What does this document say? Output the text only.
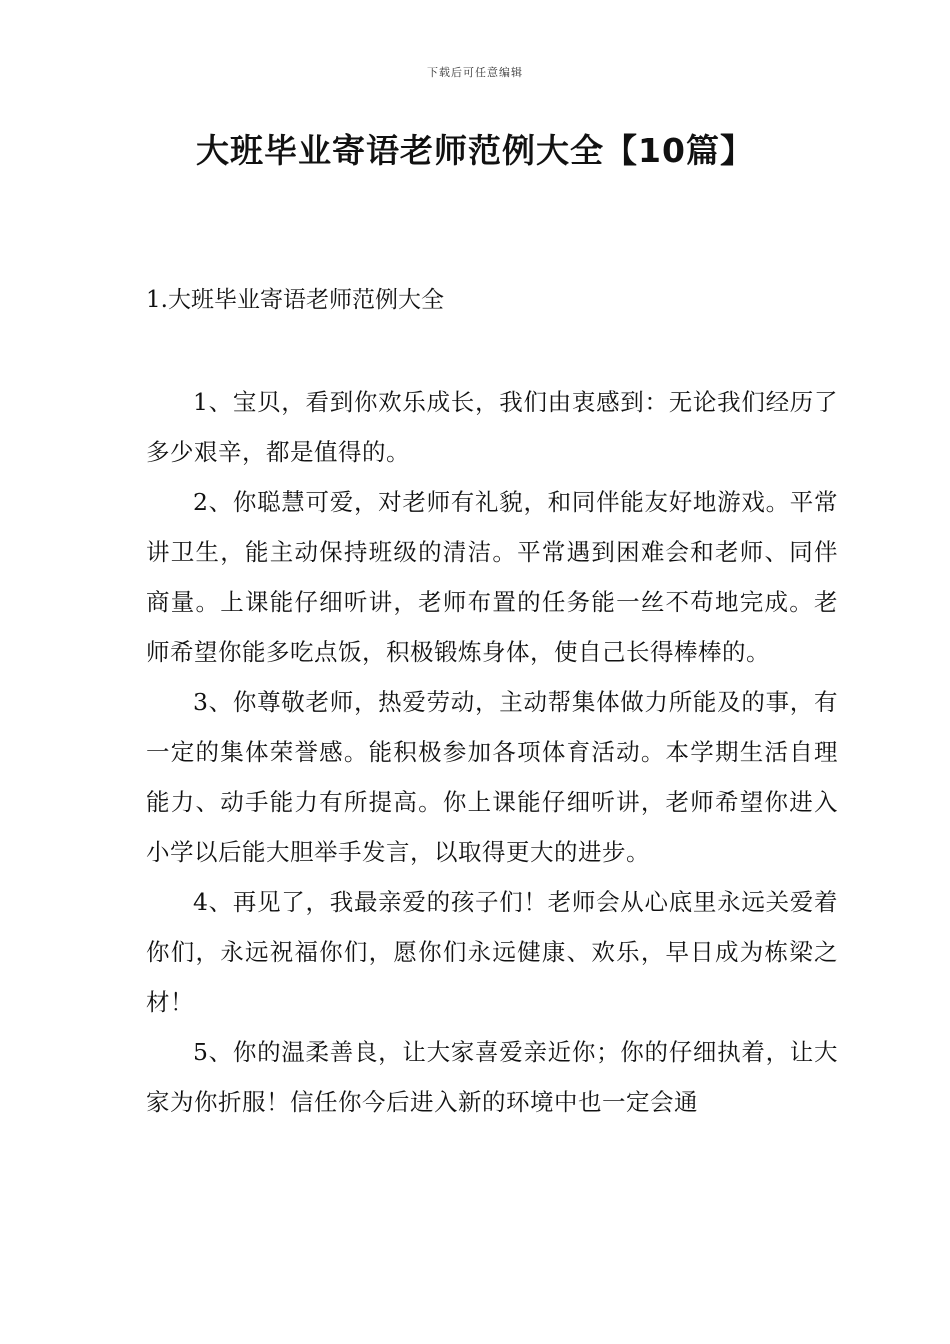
下载后可任意编辑
大班毕业寄语老师范例大全【10篇】
1.大班毕业寄语老师范例大全

1、宝贝，看到你欢乐成长，我们由衷感到：无论我们经历了多少艰辛，都是值得的。

2、你聪慧可爱，对老师有礼貌，和同伴能友好地游戏。平常讲卫生，能主动保持班级的清洁。平常遇到困难会和老师、同伴商量。上课能仔细听讲，老师布置的任务能一丝不苟地完成。老师希望你能多吃点饭，积极锻炼身体，使自己长得棒棒的。

3、你尊敬老师，热爱劳动，主动帮集体做力所能及的事，有一定的集体荣誉感。能积极参加各项体育活动。本学期生活自理能力、动手能力有所提高。你上课能仔细听讲，老师希望你进入小学以后能大胆举手发言，以取得更大的进步。

4、再见了，我最亲爱的孩子们！老师会从心底里永远关爱着你们，永远祝福你们，愿你们永远健康、欢乐，早日成为栋梁之材！

5、你的温柔善良，让大家喜爱亲近你；你的仔细执着，让大家为你折服！信任你今后进入新的环境中也一定会通
